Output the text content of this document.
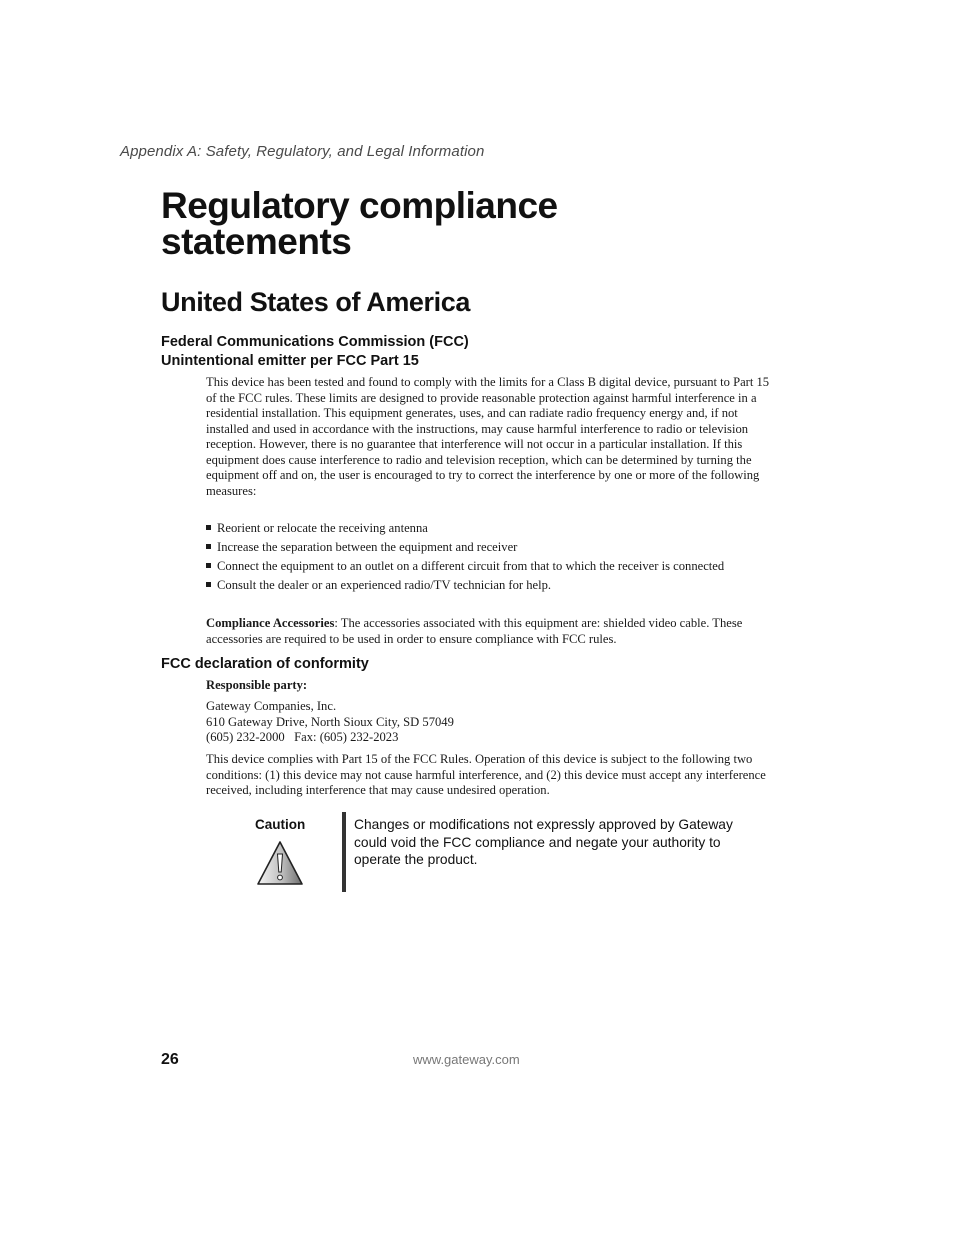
Appendix A: Safety, Regulatory, and Legal Information
Regulatory compliance statements
United States of America
Federal Communications Commission (FCC)
Unintentional emitter per FCC Part 15

This device has been tested and found to comply with the limits for a Class B digital device, pursuant to Part 15 of the FCC rules. These limits are designed to provide reasonable protection against harmful interference in a residential installation. This equipment generates, uses, and can radiate radio frequency energy and, if not installed and used in accordance with the instructions, may cause harmful interference to radio or television reception. However, there is no guarantee that interference will not occur in a particular installation. If this equipment does cause interference to radio and television reception, which can be determined by turning the equipment off and on, the user is encouraged to try to correct the interference by one or more of the following measures:

Reorient or relocate the receiving antenna
Increase the separation between the equipment and receiver
Connect the equipment to an outlet on a different circuit from that to which the receiver is connected
Consult the dealer or an experienced radio/TV technician for help.

Compliance Accessories: The accessories associated with this equipment are: shielded video cable. These accessories are required to be used in order to ensure compliance with FCC rules.

FCC declaration of conformity

Responsible party:

Gateway Companies, Inc.

610 Gateway Drive, North Sioux City, SD 57049

(605) 232-2000 Fax: (605) 232-2023

This device complies with Part 15 of the FCC Rules. Operation of this device is subject to the following two conditions: (1) this device may not cause harmful interference, and (2) this device must accept any interference received, including interference that may cause undesired operation.

Caution	Changes or modifications not expressly approved by Gateway could void the FCC compliance and negate your authority to operate the product.
26	www.gateway.com
